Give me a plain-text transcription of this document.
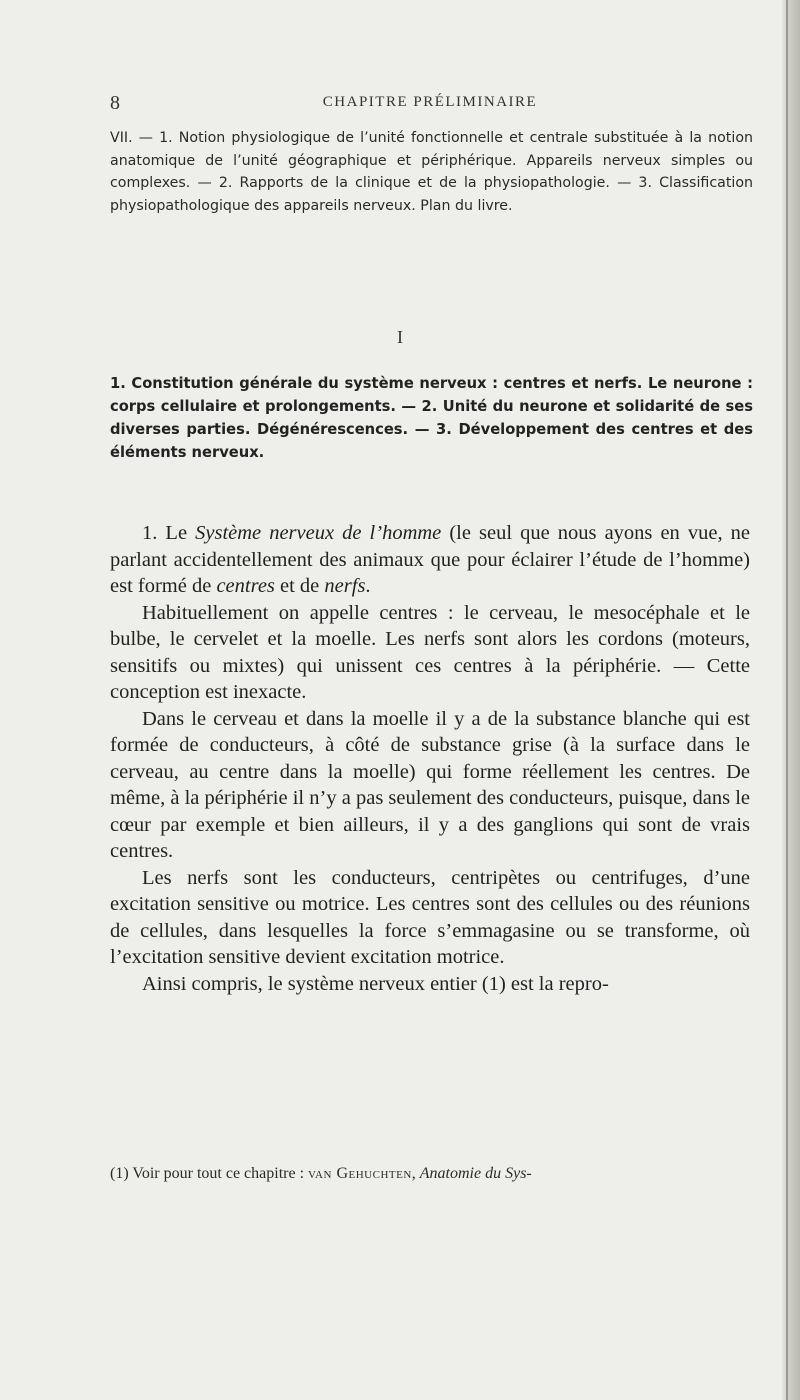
8	CHAPITRE PRÉLIMINAIRE

VII. — 1. Notion physiologique de l’unité fonctionnelle et centrale substituée à la notion anatomique de l’unité géographique et périphérique. Appareils nerveux simples ou complexes. — 2. Rapports de la clinique et de la physiopathologie. — 3. Classification physiopathologique des appareils nerveux. Plan du livre.

I

1. Constitution générale du système nerveux : centres et nerfs. Le neurone : corps cellulaire et prolongements. — 2. Unité du neurone et solidarité de ses diverses parties. Dégénérescences. — 3. Développement des centres et des éléments nerveux.

1. Le Système nerveux de l’homme (le seul que nous ayons en vue, ne parlant accidentellement des animaux que pour éclairer l’étude de l’homme) est formé de centres et de nerfs.

Habituellement on appelle centres : le cerveau, le mesocéphale et le bulbe, le cervelet et la moelle. Les nerfs sont alors les cordons (moteurs, sensitifs ou mixtes) qui unissent ces centres à la périphérie. — Cette conception est inexacte.

Dans le cerveau et dans la moelle il y a de la substance blanche qui est formée de conducteurs, à côté de substance grise (à la surface dans le cerveau, au centre dans la moelle) qui forme réellement les centres. De même, à la périphérie il n’y a pas seulement des conducteurs, puisque, dans le cœur par exemple et bien ailleurs, il y a des ganglions qui sont de vrais centres.

Les nerfs sont les conducteurs, centripètes ou centrifuges, d’une excitation sensitive ou motrice. Les centres sont des cellules ou des réunions de cellules, dans lesquelles la force s’emmagasine ou se transforme, où l’excitation sensitive devient excitation motrice.

Ainsi compris, le système nerveux entier (1) est la repro-

(1) Voir pour tout ce chapitre : van Gehuchten, Anatomie du Sys-
